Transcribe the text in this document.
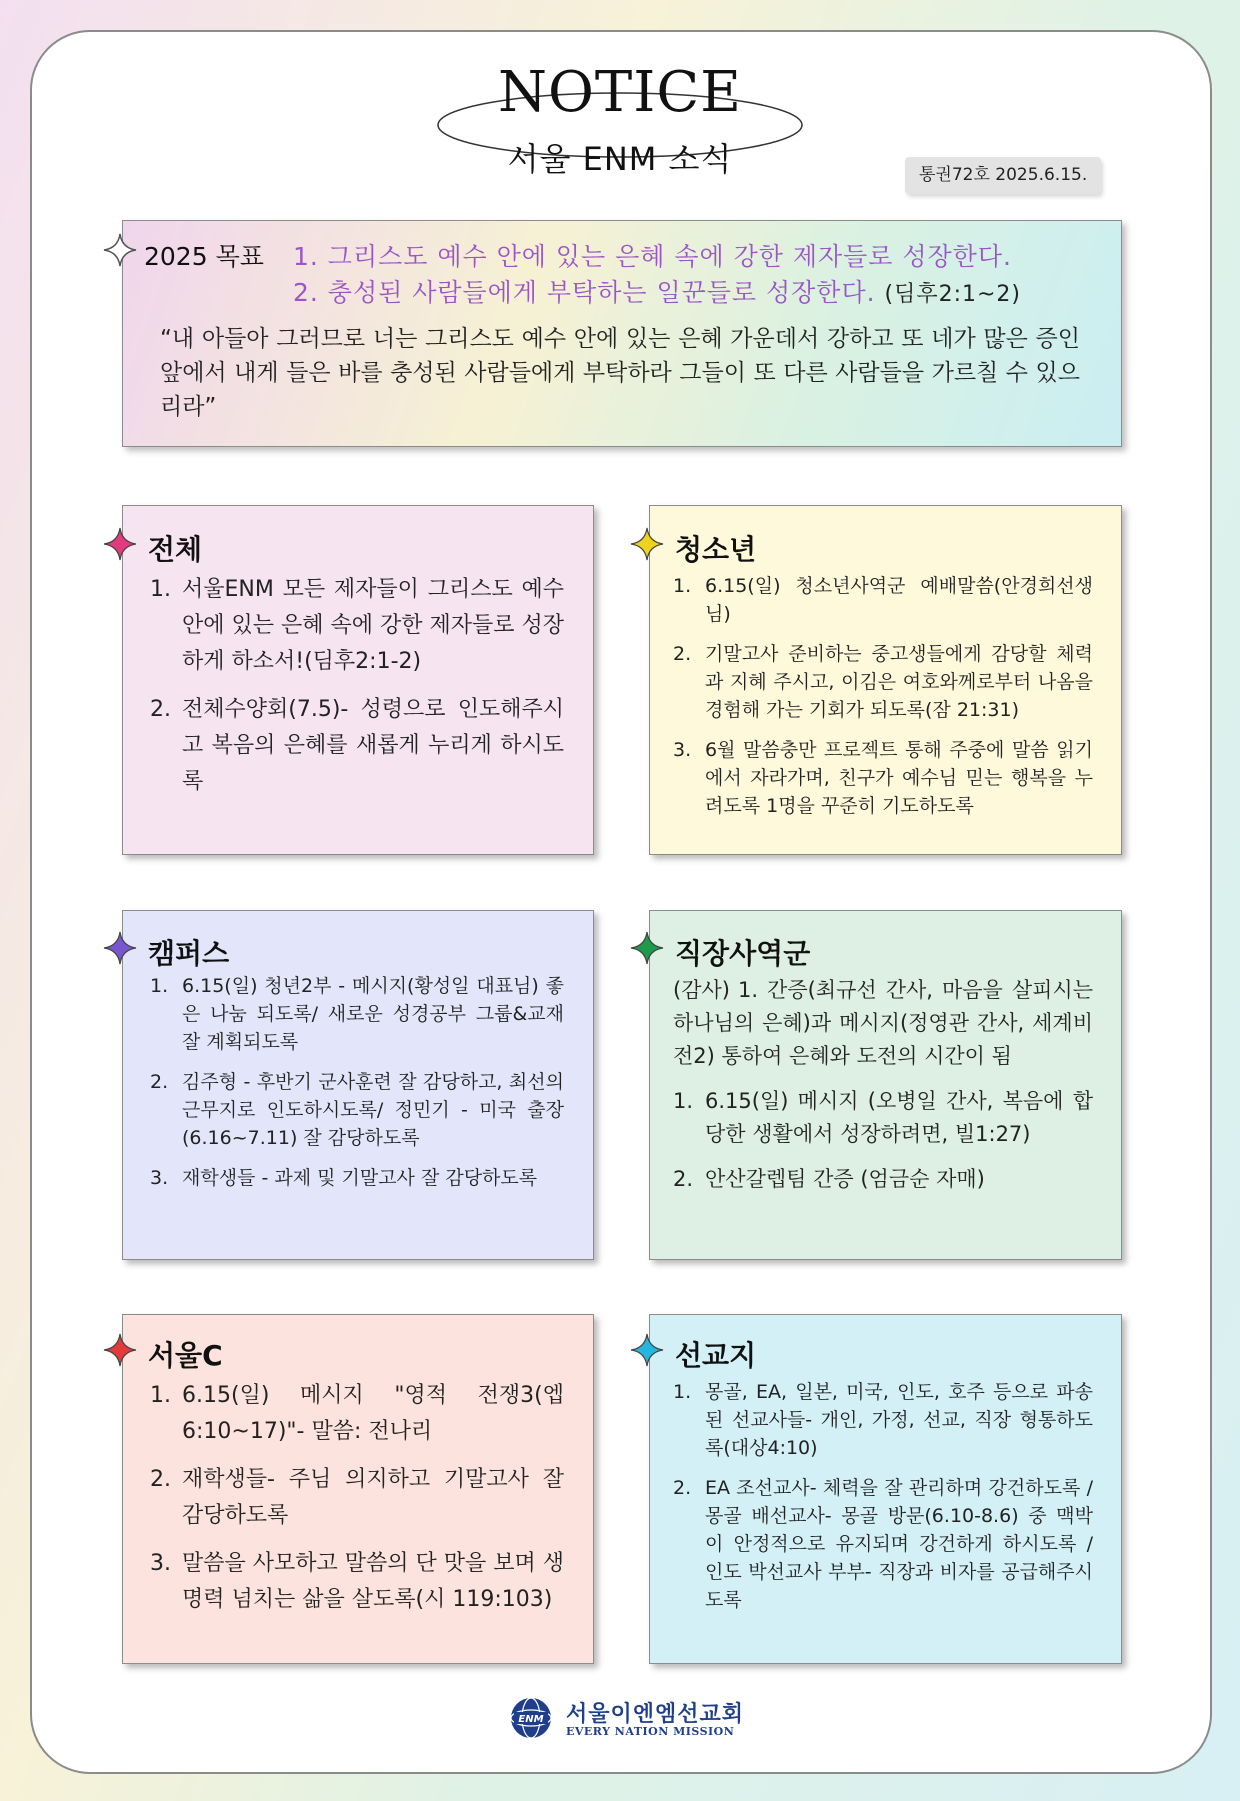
NOTICE
서울 ENM 소식	통권72호 2025.6.15.
2025 목표 1. 그리스도 예수 안에 있는 은혜 속에 강한 제자들로 성장한다.
2. 충성된 사람들에게 부탁하는 일꾼들로 성장한다. (딤후2:1~2)
“내 아들아 그러므로 너는 그리스도 예수 안에 있는 은혜 가운데서 강하고 또 네가 많은 증인 앞에서 내게 들은 바를 충성된 사람들에게 부탁하라 그들이 또 다른 사람들을 가르칠 수 있으리라”
전체
1. 서울ENM 모든 제자들이 그리스도 예수 안에 있는 은혜 속에 강한 제자들로 성장하게 하소서!(딤후2:1-2)
2. 전체수양회(7.5)- 성령으로 인도해주시고 복음의 은혜를 새롭게 누리게 하시도록
청소년
1. 6.15(일) 청소년사역군 예배말씀(안경희선생님)
2. 기말고사 준비하는 중고생들에게 감당할 체력과 지혜 주시고, 이김은 여호와께로부터 나옴을 경험해 가는 기회가 되도록(잠 21:31)
3. 6월 말씀충만 프로젝트 통해 주중에 말씀 읽기에서 자라가며, 친구가 예수님 믿는 행복을 누려도록 1명을 꾸준히 기도하도록
캠퍼스
1. 6.15(일) 청년2부 - 메시지(황성일 대표님) 좋은 나눔 되도록/ 새로운 성경공부 그룹&교재 잘 계획되도록
2. 김주형 - 후반기 군사훈련 잘 감당하고, 최선의 근무지로 인도하시도록/ 정민기 - 미국 출장(6.16~7.11) 잘 감당하도록
3. 재학생들 - 과제 및 기말고사 잘 감당하도록
직장사역군
(감사) 1. 간증(최규선 간사, 마음을 살피시는 하나님의 은혜)과 메시지(정영관 간사, 세계비전2) 통하여 은혜와 도전의 시간이 됨
1. 6.15(일) 메시지 (오병일 간사, 복음에 합당한 생활에서 성장하려면, 빌1:27)
2. 안산갈렙팀 간증 (엄금순 자매)
서울C
1. 6.15(일) 메시지 "영적 전쟁3(엡6:10~17)"- 말씀: 전나리
2. 재학생들- 주님 의지하고 기말고사 잘 감당하도록
3. 말씀을 사모하고 말씀의 단 맛을 보며 생명력 넘치는 삶을 살도록(시 119:103)
선교지
1. 몽골, EA, 일본, 미국, 인도, 호주 등으로 파송된 선교사들- 개인, 가정, 선교, 직장 형통하도록(대상4:10)
2. EA 조선교사- 체력을 잘 관리하며 강건하도록 / 몽골 배선교사- 몽골 방문(6.10-8.6) 중 맥박이 안정적으로 유지되며 강건하게 하시도록 / 인도 박선교사 부부- 직장과 비자를 공급해주시도록
ENM 서울이엔엠선교회
EVERY NATION MISSION
